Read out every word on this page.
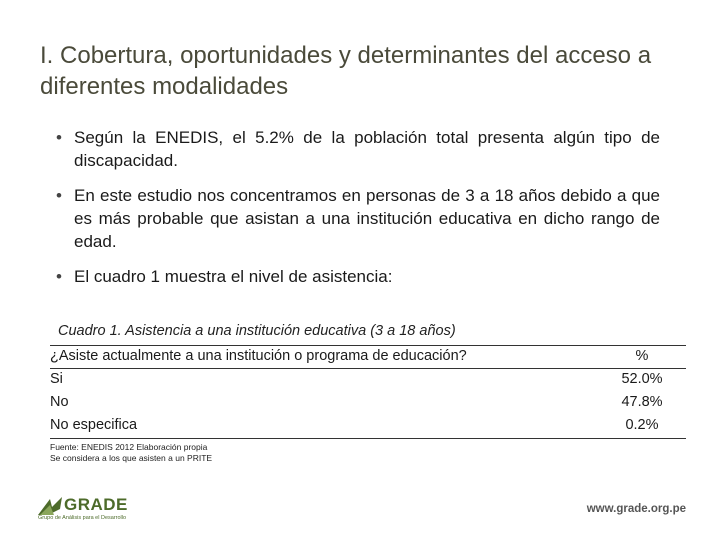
I. Cobertura, oportunidades y determinantes del acceso a diferentes modalidades
• Según la ENEDIS, el 5.2% de la población total presenta algún tipo de discapacidad.
• En este estudio nos concentramos en personas de 3 a 18 años debido a que es más probable que asistan a una institución educativa en dicho rango de edad.
• El cuadro 1 muestra el nivel de asistencia:
Cuadro 1. Asistencia a una institución educativa (3 a 18 años)
¿Asiste actualmente a una institución o programa de educación?	%
Si	52.0%
No	47.8%
No especifica	0.2%
Fuente: ENEDIS 2012 Elaboración propia
Se considera a los que asisten a un PRITE
GRADE
Grupo de Análisis para el Desarrollo
www.grade.org.pe
